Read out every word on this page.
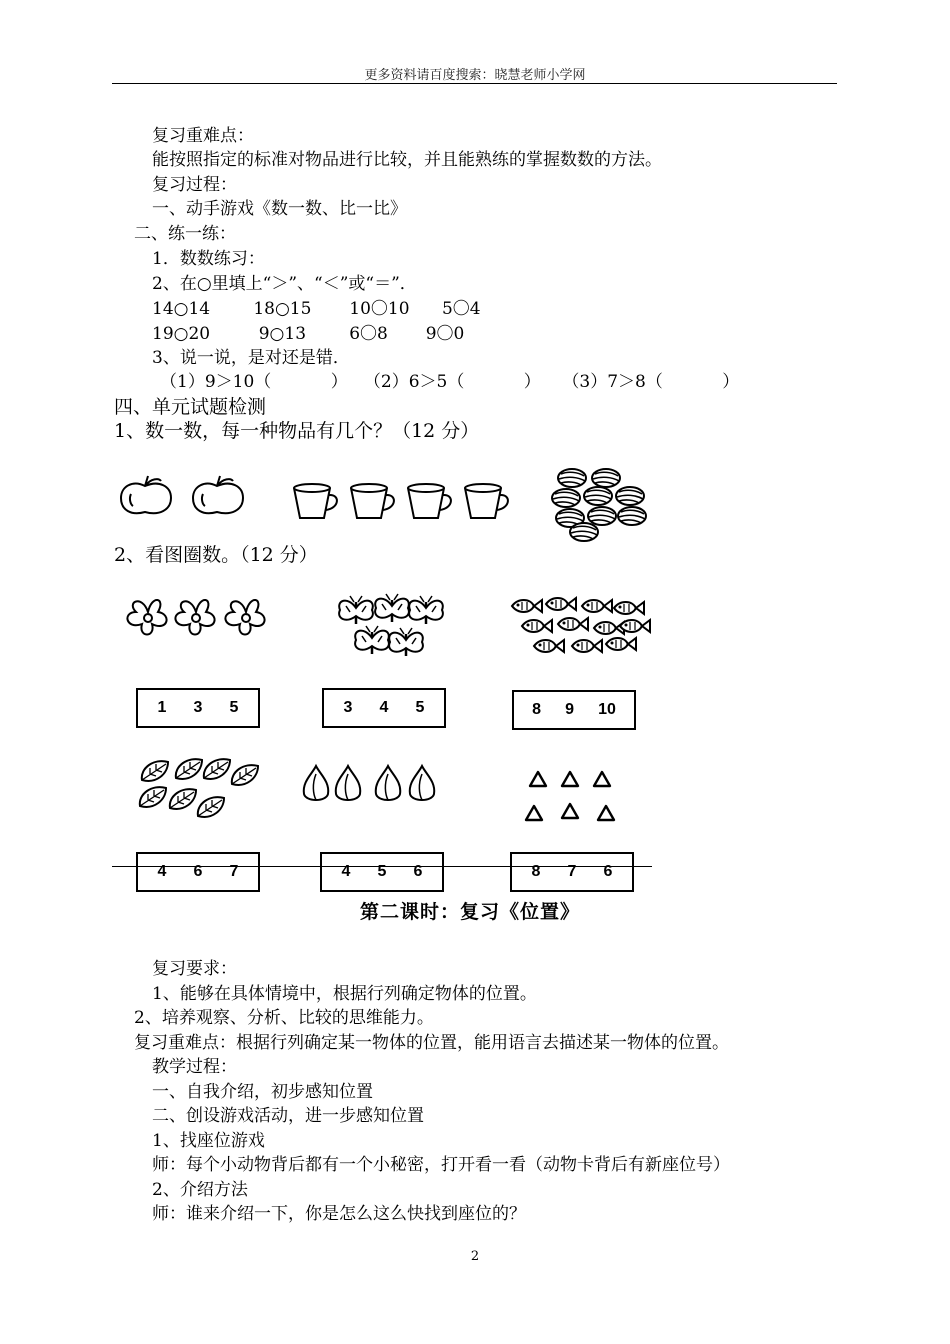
更多资料请百度搜索：晓慧老师小学网
复习重难点：
能按照指定的标准对物品进行比较，并且能熟练的掌握数数的方法。
复习过程：
一、动手游戏《数一数、比一比》
二、练一练：
1．数数练习：
2、在○里填上“＞”、“＜”或“＝”．
14○14        18○15       10〇10      5〇4
19○20         9○13        6〇8       9〇0
3、说一说，是对还是错．
（1）9＞10（           ）   （2）6＞5（           ）    （3）7＞8（           ）
四、单元试题检测
1、数一数，每一种物品有几个？（12 分）
2、看图圈数。（12 分）
1 3 5	3 4 5	8 9 10
4 6 7	4 5 6	8 7 6
第二课时：复习《位置》
复习要求：
1、能够在具体情境中，根据行列确定物体的位置。
2、培养观察、分析、比较的思维能力。
复习重难点：根据行列确定某一物体的位置，能用语言去描述某一物体的位置。
教学过程：
一、自我介绍，初步感知位置
二、创设游戏活动，进一步感知位置
1、找座位游戏
师：每个小动物背后都有一个小秘密，打开看一看（动物卡背后有新座位号）
2、介绍方法
师：谁来介绍一下，你是怎么这么快找到座位的？
2
